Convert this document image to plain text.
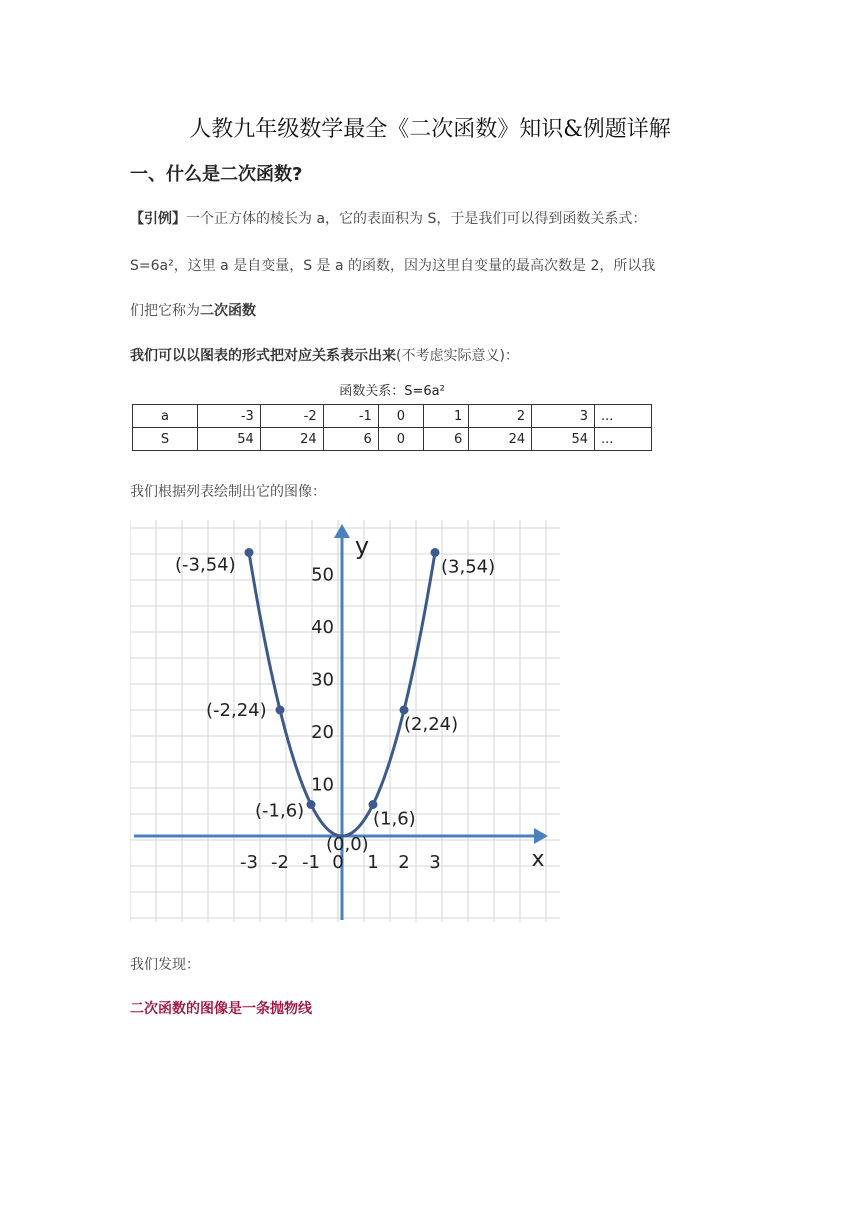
人教九年级数学最全《二次函数》知识&例题详解
一、什么是二次函数?
【引例】一个正方体的棱长为 a，它的表面积为 S，于是我们可以得到函数关系式：
S=6a²，这里 a 是自变量，S 是 a 的函数，因为这里自变量的最高次数是 2，所以我
们把它称为二次函数
我们可以以图表的形式把对应关系表示出来(不考虑实际意义)：
函数关系：S=6a²
a	-3	-2	-1	0	1	2	3	...
S	54	24	6	0	6	24	54	...
我们根据列表绘制出它的图像：
x
y
-3 -2 -1 0 1 2 3
10
20
30
40
50
(-3,54)
(-2,24)
(-1,6)
(0,0)
(1,6)
(2,24)
(3,54)
我们发现：
二次函数的图像是一条抛物线
